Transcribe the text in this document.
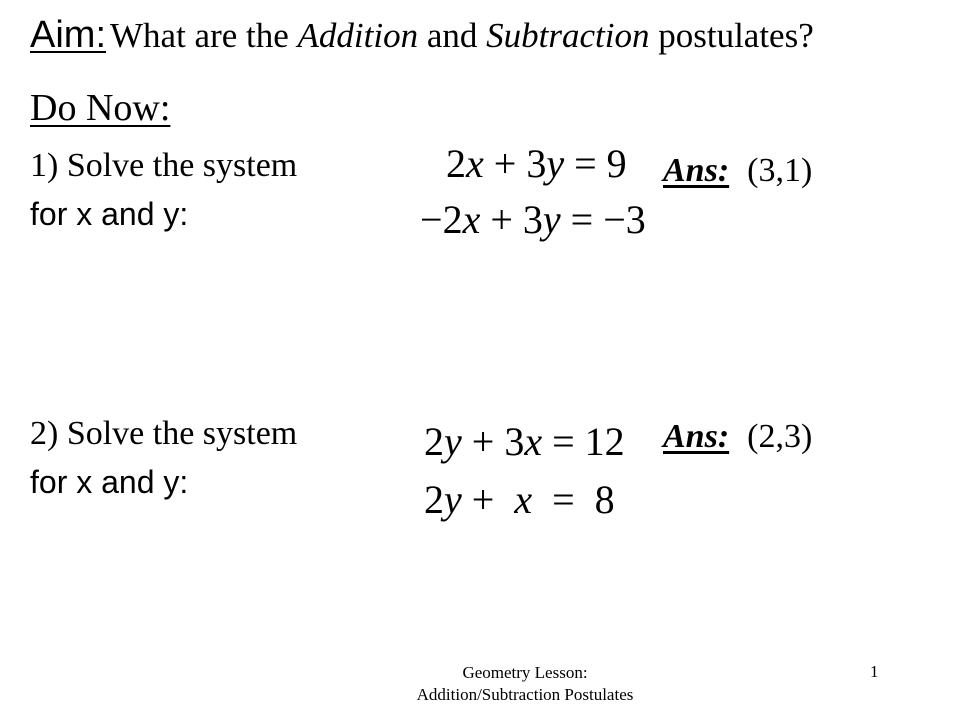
Aim: What are the Addition and Subtraction postulates?
Do Now:
1) Solve the system
for x and y:
2x + 3y = 9
−2x + 3y = −3
Ans: (3,1)
2) Solve the system
for x and y:
2y + 3x = 12
2y + x = 8
Ans: (2,3)
Geometry Lesson:
Addition/Subtraction Postulates
1
